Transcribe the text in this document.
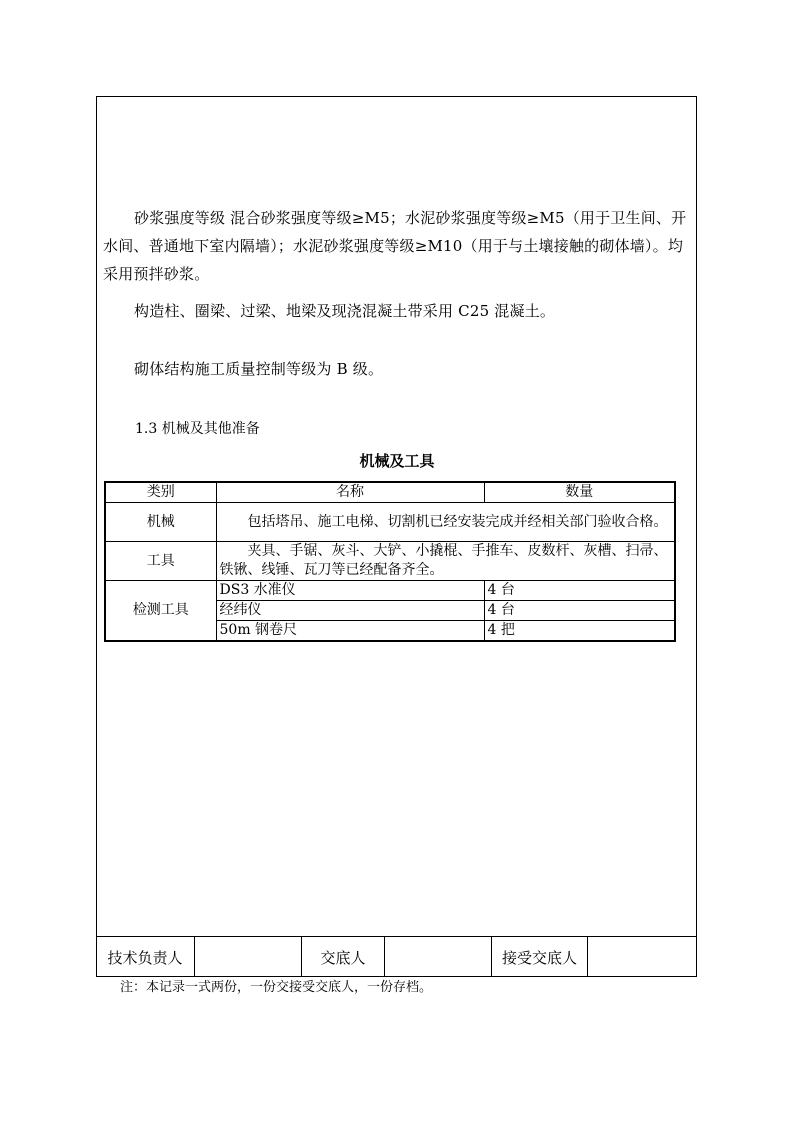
砂浆强度等级 混合砂浆强度等级≥M5；水泥砂浆强度等级≥M5（用于卫生间、开水间、普通地下室内隔墙）；水泥砂浆强度等级≥M10（用于与土壤接触的砌体墙）。均采用预拌砂浆。
构造柱、圈梁、过梁、地梁及现浇混凝土带采用 C25 混凝土。
砌体结构施工质量控制等级为 B 级。
1.3 机械及其他准备
机械及工具
类别	名称	数量
机械	包括塔吊、施工电梯、切割机已经安装完成并经相关部门验收合格。	
工具	夹具、手锯、灰斗、大铲、小撬棍、手推车、皮数杆、灰槽、扫帚、铁锹、线锤、瓦刀等已经配备齐全。	
检测工具	DS3 水准仪	4 台
	经纬仪	4 台
	50m 钢卷尺	4 把
技术负责人	交底人	接受交底人
注：本记录一式两份，一份交接受交底人，一份存档。
